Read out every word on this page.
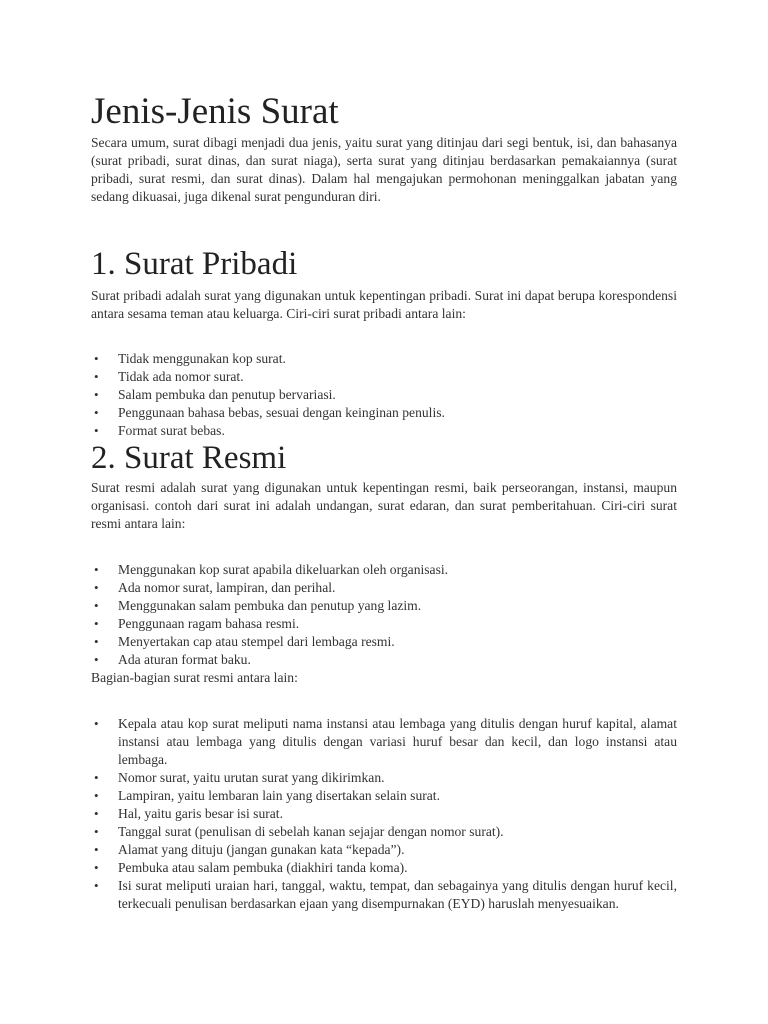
Jenis-Jenis Surat

Secara umum, surat dibagi menjadi dua jenis, yaitu surat yang ditinjau dari segi bentuk, isi, dan bahasanya (surat pribadi, surat dinas, dan surat niaga), serta surat yang ditinjau berdasarkan pemakaiannya (surat pribadi, surat resmi, dan surat dinas). Dalam hal mengajukan permohonan meninggalkan jabatan yang sedang dikuasai, juga dikenal surat pengunduran diri.

1. Surat Pribadi

Surat pribadi adalah surat yang digunakan untuk kepentingan pribadi. Surat ini dapat berupa korespondensi antara sesama teman atau keluarga. Ciri-ciri surat pribadi antara lain:

• Tidak menggunakan kop surat.
• Tidak ada nomor surat.
• Salam pembuka dan penutup bervariasi.
• Penggunaan bahasa bebas, sesuai dengan keinginan penulis.
• Format surat bebas.
2. Surat Resmi

Surat resmi adalah surat yang digunakan untuk kepentingan resmi, baik perseorangan, instansi, maupun organisasi. contoh dari surat ini adalah undangan, surat edaran, dan surat pemberitahuan. Ciri-ciri surat resmi antara lain:

• Menggunakan kop surat apabila dikeluarkan oleh organisasi.
• Ada nomor surat, lampiran, dan perihal.
• Menggunakan salam pembuka dan penutup yang lazim.
• Penggunaan ragam bahasa resmi.
• Menyertakan cap atau stempel dari lembaga resmi.
• Ada aturan format baku.

Bagian-bagian surat resmi antara lain:

• Kepala atau kop surat meliputi nama instansi atau lembaga yang ditulis dengan huruf kapital, alamat instansi atau lembaga yang ditulis dengan variasi huruf besar dan kecil, dan logo instansi atau lembaga.
• Nomor surat, yaitu urutan surat yang dikirimkan.
• Lampiran, yaitu lembaran lain yang disertakan selain surat.
• Hal, yaitu garis besar isi surat.
• Tanggal surat (penulisan di sebelah kanan sejajar dengan nomor surat).
• Alamat yang dituju (jangan gunakan kata “kepada”).
• Pembuka atau salam pembuka (diakhiri tanda koma).
• Isi surat meliputi uraian hari, tanggal, waktu, tempat, dan sebagainya yang ditulis dengan huruf kecil, terkecuali penulisan berdasarkan ejaan yang disempurnakan (EYD) haruslah menyesuaikan.
